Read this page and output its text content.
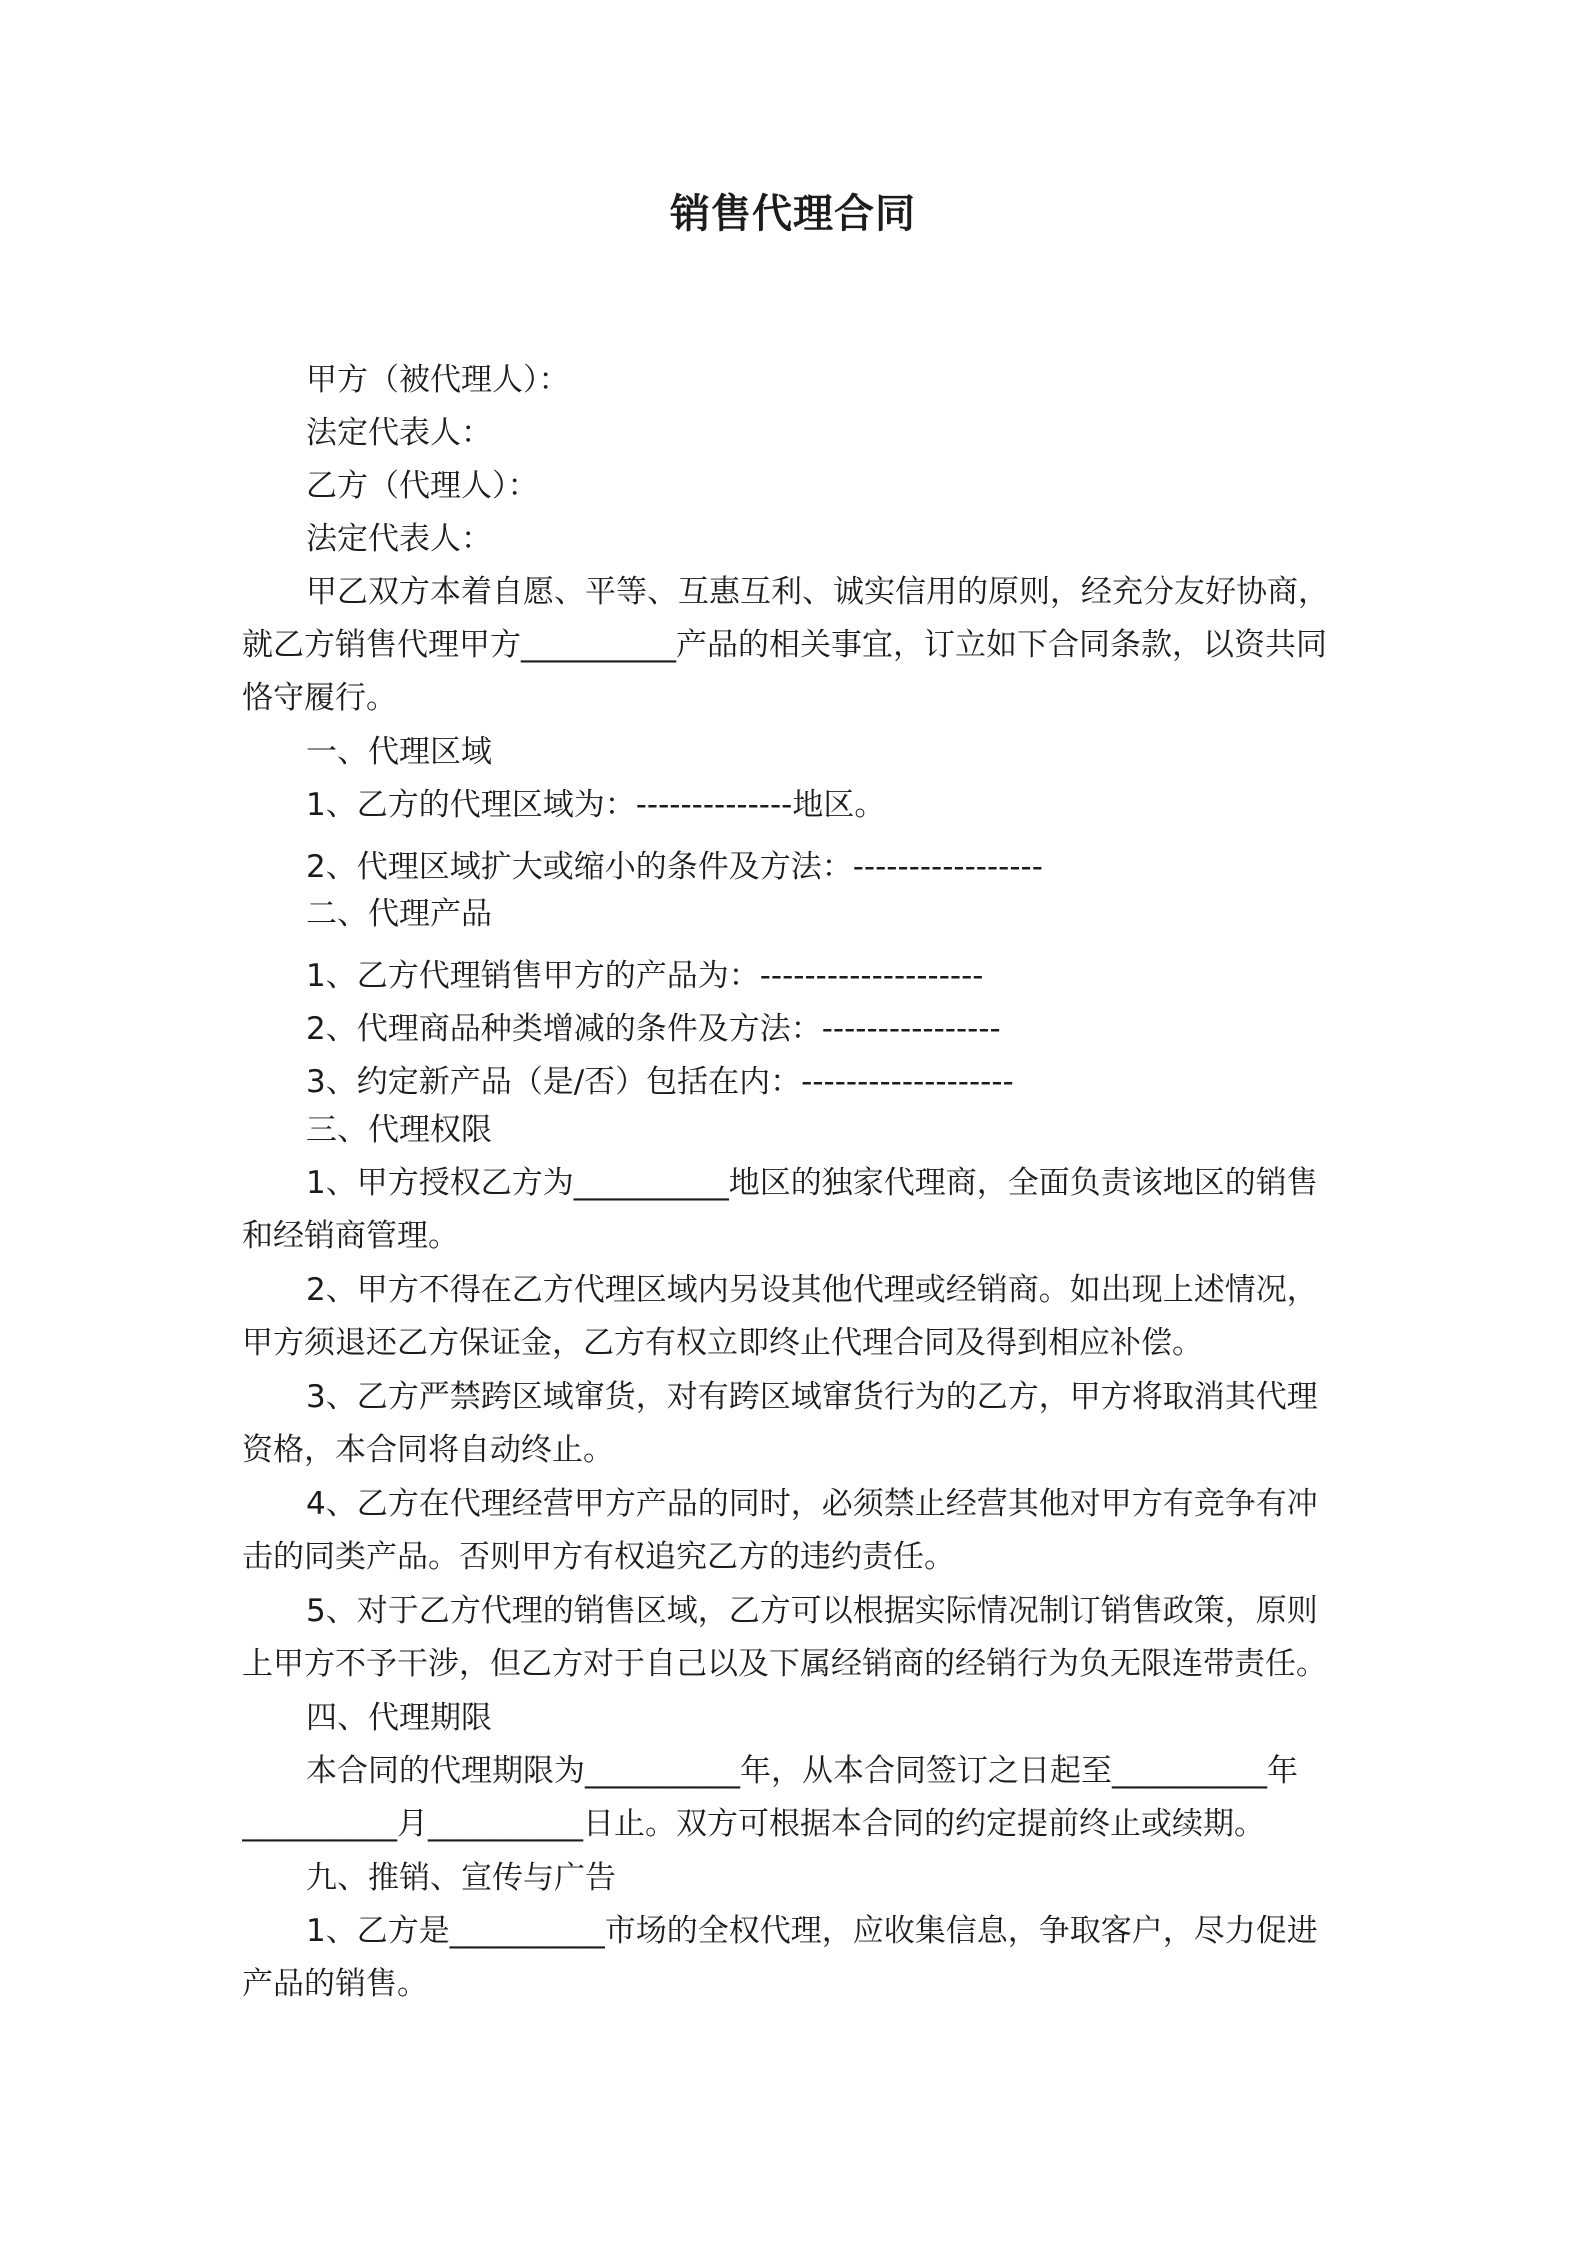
销售代理合同
甲方（被代理人）：
法定代表人：
乙方（代理人）：
法定代表人：
甲乙双方本着自愿、平等、互惠互利、诚实信用的原则，经充分友好协商，
就乙方销售代理甲方__________产品的相关事宜，订立如下合同条款，以资共同
恪守履行。
一、代理区域
1、乙方的代理区域为：--------------地区。
2、代理区域扩大或缩小的条件及方法：-----------------
二、代理产品
1、乙方代理销售甲方的产品为：--------------------
2、代理商品种类增减的条件及方法：----------------
3、约定新产品（是/否）包括在内：-------------------
三、代理权限
1、甲方授权乙方为__________地区的独家代理商，全面负责该地区的销售
和经销商管理。
2、甲方不得在乙方代理区域内另设其他代理或经销商。如出现上述情况，
甲方须退还乙方保证金，乙方有权立即终止代理合同及得到相应补偿。
3、乙方严禁跨区域窜货，对有跨区域窜货行为的乙方，甲方将取消其代理
资格，本合同将自动终止。
4、乙方在代理经营甲方产品的同时，必须禁止经营其他对甲方有竞争有冲
击的同类产品。否则甲方有权追究乙方的违约责任。
5、对于乙方代理的销售区域，乙方可以根据实际情况制订销售政策，原则
上甲方不予干涉，但乙方对于自己以及下属经销商的经销行为负无限连带责任。
四、代理期限
本合同的代理期限为__________年，从本合同签订之日起至__________年
__________月__________日止。双方可根据本合同的约定提前终止或续期。
九、推销、宣传与广告
1、乙方是__________市场的全权代理，应收集信息，争取客户，尽力促进
产品的销售。
